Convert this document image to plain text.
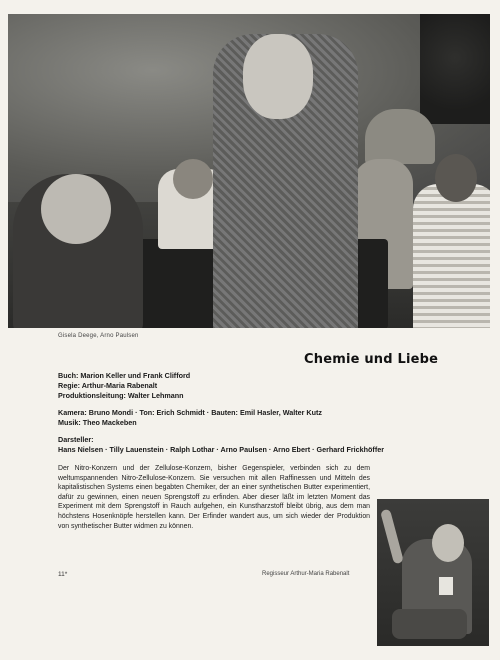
Gisela Deege, Arno Paulsen
Chemie und Liebe
Buch: Marion Keller und Frank Clifford
Regie: Arthur-Maria Rabenalt
Produktionsleitung: Walter Lehmann
Kamera: Bruno Mondi · Ton: Erich Schmidt · Bauten: Emil Hasler, Walter Kutz
Musik: Theo Mackeben
Darsteller:
Hans Nielsen · Tilly Lauenstein · Ralph Lothar · Arno Paulsen · Arno Ebert · Gerhard Frickhöffer
Der Nitro-Konzern und der Zellulose-Konzern, bisher Gegenspieler, verbinden sich zu dem weltumspannenden Nitro-Zellulose-Konzern. Sie versuchen mit allen Raffinessen und Mitteln des kapitalistischen Systems einen begabten Chemiker, der an einer synthetischen Butter experimentiert, dafür zu gewinnen, einen neuen Sprengstoff zu erfinden. Aber dieser läßt im letzten Moment das Experiment mit dem Sprengstoff in Rauch aufgehen, ein Kunstharzstoff bleibt übrig, aus dem man höchstens Hosenknöpfe herstellen kann. Der Erfinder wandert aus, um sich wieder der Produktion von synthetischer Butter widmen zu können.
11*	Regisseur Arthur-Maria Rabenalt
